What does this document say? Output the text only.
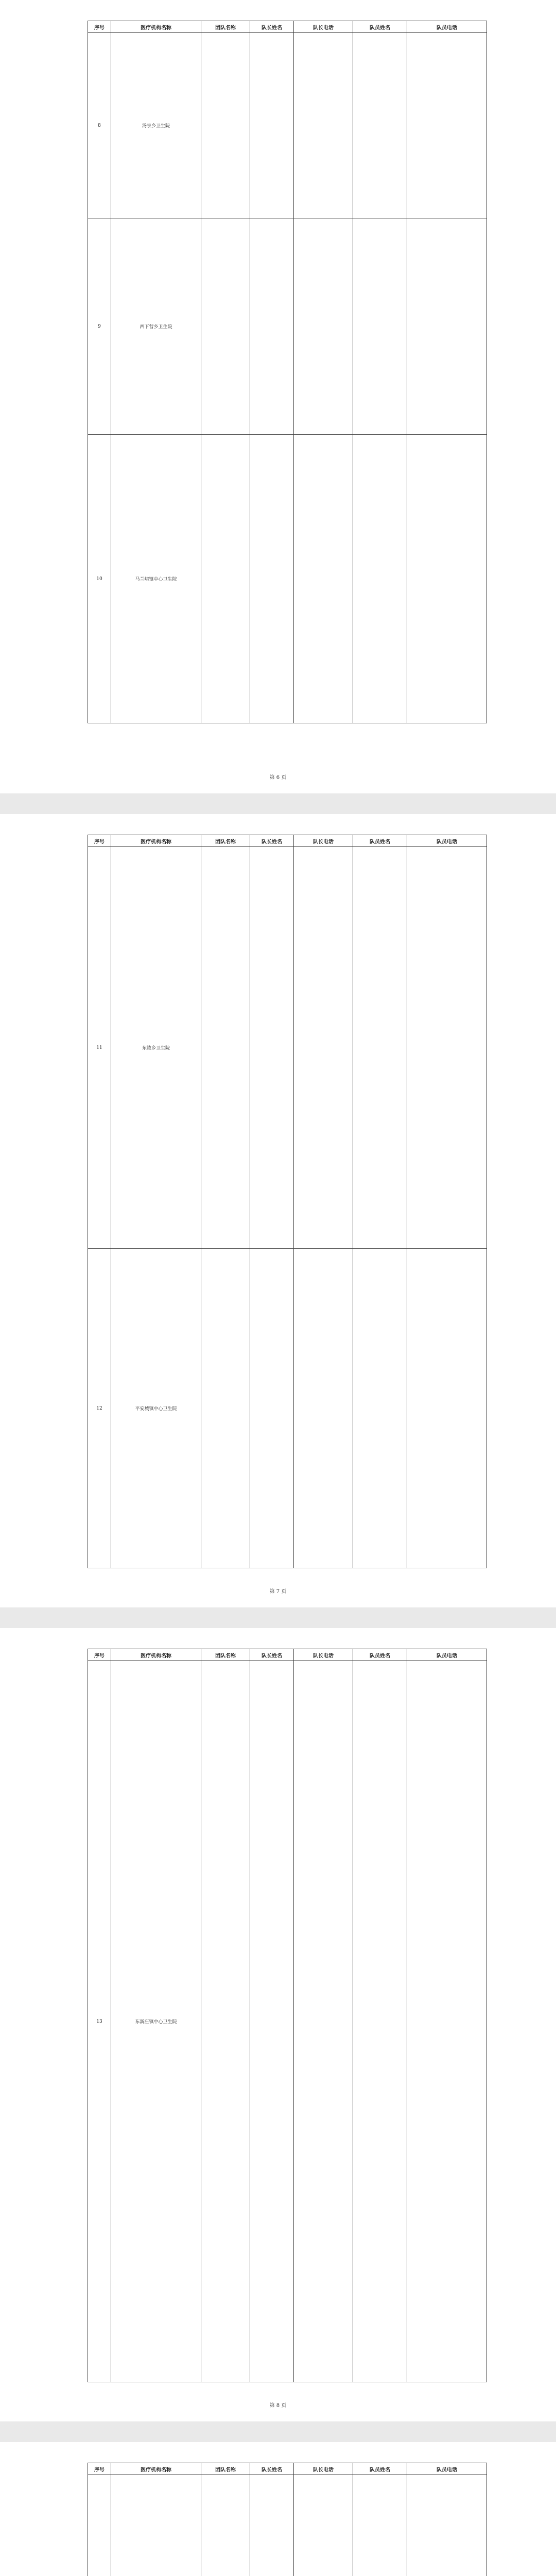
序号	医疗机构名称	团队名称	队长姓名	队长电话	队员姓名	队员电话
8	汤泉乡卫生院					
9	西下营乡卫生院					
10	马兰峪镇中心卫生院					
第 6 页
序号	医疗机构名称	团队名称	队长姓名	队长电话	队员姓名	队员电话
11	东陵乡卫生院					
12	平安城镇中心卫生院					
第 7 页
序号	医疗机构名称	团队名称	队长姓名	队长电话	队员姓名	队员电话
13	东新庄镇中心卫生院					
第 8 页
序号	医疗机构名称	团队名称	队长姓名	队长电话	队员姓名	队员电话
